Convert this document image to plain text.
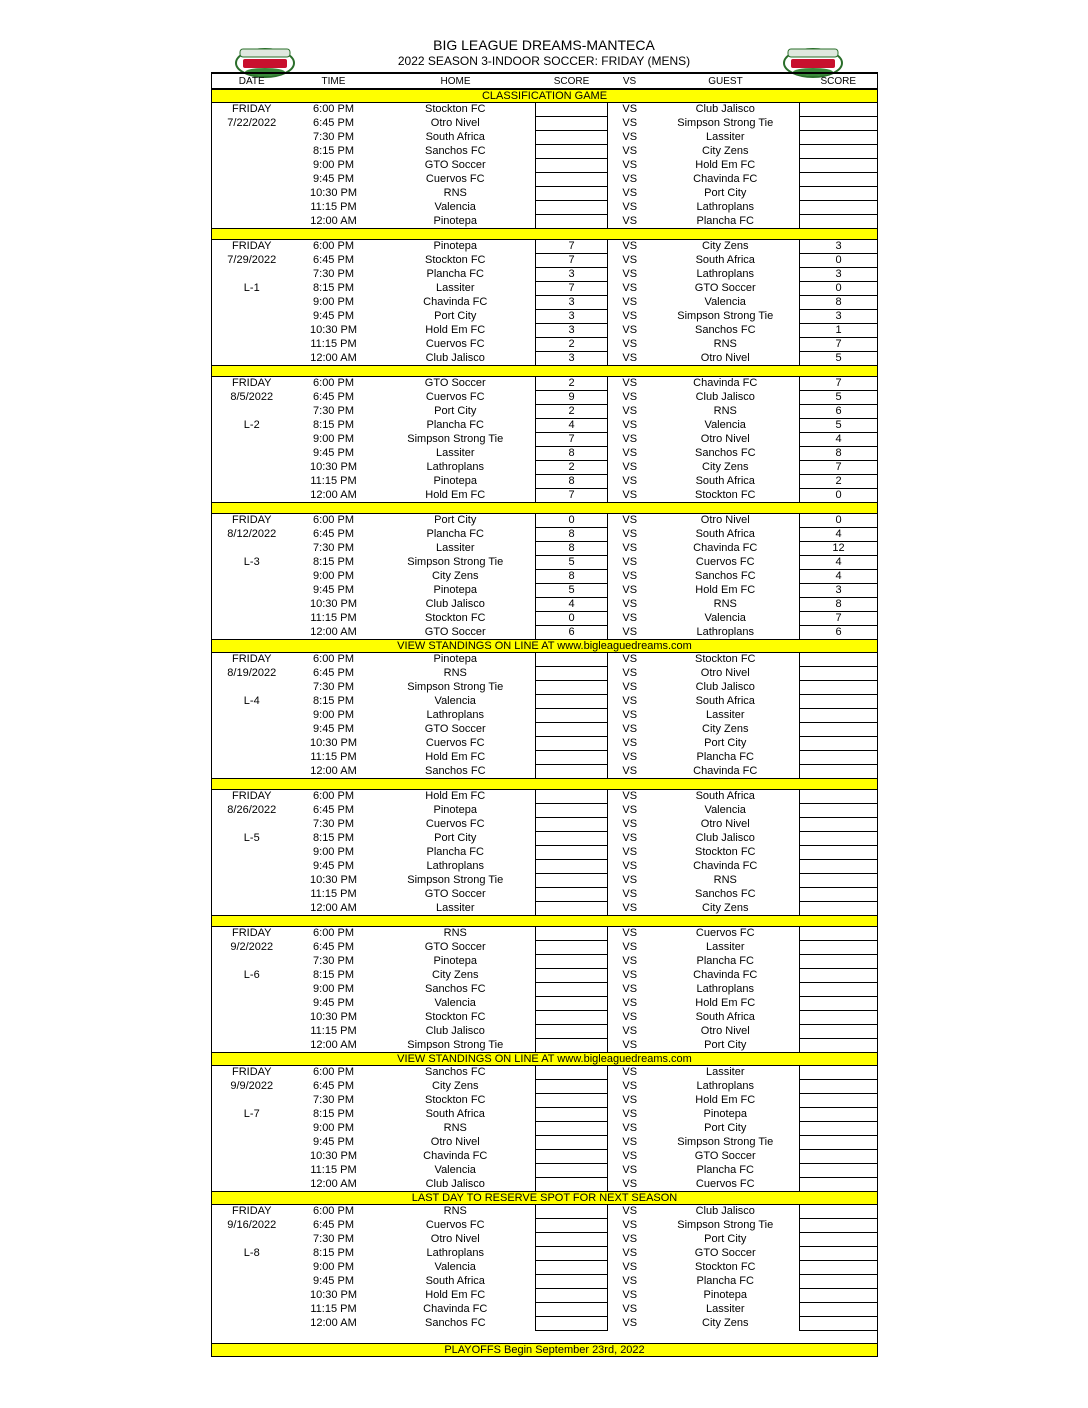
BIG LEAGUE DREAMS-MANTECA
2022 SEASON 3-INDOOR SOCCER: FRIDAY (MENS)
DATE	TIME	HOME	SCORE	VS	GUEST	SCORE
CLASSIFICATION GAME						
FRIDAY	6:00 PM	Stockton FC		VS	Club Jalisco	
7/22/2022	6:45 PM	Otro Nivel		VS	Simpson Strong Tie	
	7:30 PM	South Africa		VS	Lassiter	
	8:15 PM	Sanchos FC		VS	City Zens	
	9:00 PM	GTO Soccer		VS	Hold Em FC	
	9:45 PM	Cuervos FC		VS	Chavinda FC	
	10:30 PM	RNS		VS	Port City	
	11:15 PM	Valencia		VS	Lathroplans	
	12:00 AM	Pinotepa		VS	Plancha FC	

FRIDAY	6:00 PM	Pinotepa	7	VS	City Zens	3
7/29/2022	6:45 PM	Stockton FC	7	VS	South Africa	0
	7:30 PM	Plancha FC	3	VS	Lathroplans	3
L-1	8:15 PM	Lassiter	7	VS	GTO Soccer	0
	9:00 PM	Chavinda FC	3	VS	Valencia	8
	9:45 PM	Port City	3	VS	Simpson Strong Tie	3
	10:30 PM	Hold Em FC	3	VS	Sanchos FC	1
	11:15 PM	Cuervos FC	2	VS	RNS	7
	12:00 AM	Club Jalisco	3	VS	Otro Nivel	5

FRIDAY	6:00 PM	GTO Soccer	2	VS	Chavinda FC	7
8/5/2022	6:45 PM	Cuervos FC	9	VS	Club Jalisco	5
	7:30 PM	Port City	2	VS	RNS	6
L-2	8:15 PM	Plancha FC	4	VS	Valencia	5
	9:00 PM	Simpson Strong Tie	7	VS	Otro Nivel	4
	9:45 PM	Lassiter	8	VS	Sanchos FC	8
	10:30 PM	Lathroplans	2	VS	City Zens	7
	11:15 PM	Pinotepa	8	VS	South Africa	2
	12:00 AM	Hold Em FC	7	VS	Stockton FC	0

FRIDAY	6:00 PM	Port City	0	VS	Otro Nivel	0
8/12/2022	6:45 PM	Plancha FC	8	VS	South Africa	4
	7:30 PM	Lassiter	8	VS	Chavinda FC	12
L-3	8:15 PM	Simpson Strong Tie	5	VS	Cuervos FC	4
	9:00 PM	City Zens	8	VS	Sanchos FC	4
	9:45 PM	Pinotepa	5	VS	Hold Em FC	3
	10:30 PM	Club Jalisco	4	VS	RNS	8
	11:15 PM	Stockton FC	0	VS	Valencia	7
	12:00 AM	GTO Soccer	6	VS	Lathroplans	6
VIEW STANDINGS ON LINE AT www.bigleaguedreams.com						
FRIDAY	6:00 PM	Pinotepa		VS	Stockton FC	
8/19/2022	6:45 PM	RNS		VS	Otro Nivel	
	7:30 PM	Simpson Strong Tie		VS	Club Jalisco	
L-4	8:15 PM	Valencia		VS	South Africa	
	9:00 PM	Lathroplans		VS	Lassiter	
	9:45 PM	GTO Soccer		VS	City Zens	
	10:30 PM	Cuervos FC		VS	Port City	
	11:15 PM	Hold Em FC		VS	Plancha FC	
	12:00 AM	Sanchos FC		VS	Chavinda FC	

FRIDAY	6:00 PM	Hold Em FC		VS	South Africa	
8/26/2022	6:45 PM	Pinotepa		VS	Valencia	
	7:30 PM	Cuervos FC		VS	Otro Nivel	
L-5	8:15 PM	Port City		VS	Club Jalisco	
	9:00 PM	Plancha FC		VS	Stockton FC	
	9:45 PM	Lathroplans		VS	Chavinda FC	
	10:30 PM	Simpson Strong Tie		VS	RNS	
	11:15 PM	GTO Soccer		VS	Sanchos FC	
	12:00 AM	Lassiter		VS	City Zens	

FRIDAY	6:00 PM	RNS		VS	Cuervos FC	
9/2/2022	6:45 PM	GTO Soccer		VS	Lassiter	
	7:30 PM	Pinotepa		VS	Plancha FC	
L-6	8:15 PM	City Zens		VS	Chavinda FC	
	9:00 PM	Sanchos FC		VS	Lathroplans	
	9:45 PM	Valencia		VS	Hold Em FC	
	10:30 PM	Stockton FC		VS	South Africa	
	11:15 PM	Club Jalisco		VS	Otro Nivel	
	12:00 AM	Simpson Strong Tie		VS	Port City	
VIEW STANDINGS ON LINE AT www.bigleaguedreams.com						
FRIDAY	6:00 PM	Sanchos FC		VS	Lassiter	
9/9/2022	6:45 PM	City Zens		VS	Lathroplans	
	7:30 PM	Stockton FC		VS	Hold Em FC	
L-7	8:15 PM	South Africa		VS	Pinotepa	
	9:00 PM	RNS		VS	Port City	
	9:45 PM	Otro Nivel		VS	Simpson Strong Tie	
	10:30 PM	Chavinda FC		VS	GTO Soccer	
	11:15 PM	Valencia		VS	Plancha FC	
	12:00 AM	Club Jalisco		VS	Cuervos FC	
LAST DAY TO RESERVE SPOT FOR NEXT SEASON						
FRIDAY	6:00 PM	RNS		VS	Club Jalisco	
9/16/2022	6:45 PM	Cuervos FC		VS	Simpson Strong Tie	
	7:30 PM	Otro Nivel		VS	Port City	
L-8	8:15 PM	Lathroplans		VS	GTO Soccer	
	9:00 PM	Valencia		VS	Stockton FC	
	9:45 PM	South Africa		VS	Plancha FC	
	10:30 PM	Hold Em FC		VS	Pinotepa	
	11:15 PM	Chavinda FC		VS	Lassiter	
	12:00 AM	Sanchos FC		VS	City Zens	

PLAYOFFS Begin September 23rd, 2022						
